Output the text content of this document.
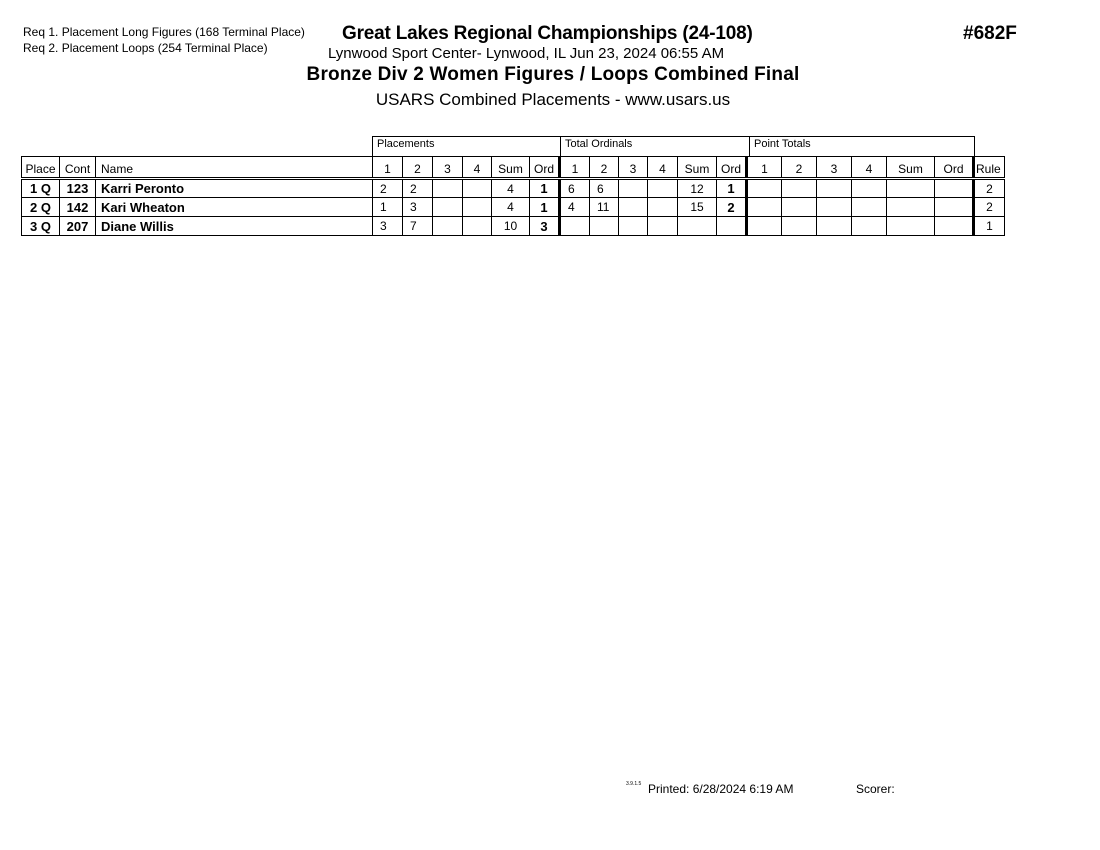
Req 1. Placement Long Figures (168 Terminal Place)
Req 2. Placement Loops (254 Terminal Place)
Great Lakes Regional Championships (24-108)
Lynwood Sport Center- Lynwood, IL Jun 23, 2024 06:55 AM
Bronze Div 2 Women Figures / Loops Combined Final
USARS Combined Placements - www.usars.us
#682F
Placements	Total Ordinals	Point Totals
Place	Cont	Name	1	2	3	4	Sum	Ord	1	2	3	4	Sum	Ord	1	2	3	4	Sum	Ord	Rule
1 Q	123	Karri Peronto	2	2			4	1	6	6			12	1							2
2 Q	142	Kari Wheaton	1	3			4	1	4	11			15	2							2
3 Q	207	Diane Willis	3	7			10	3													1
3.9.1.5 Printed: 6/28/2024 6:19 AM	Scorer:
